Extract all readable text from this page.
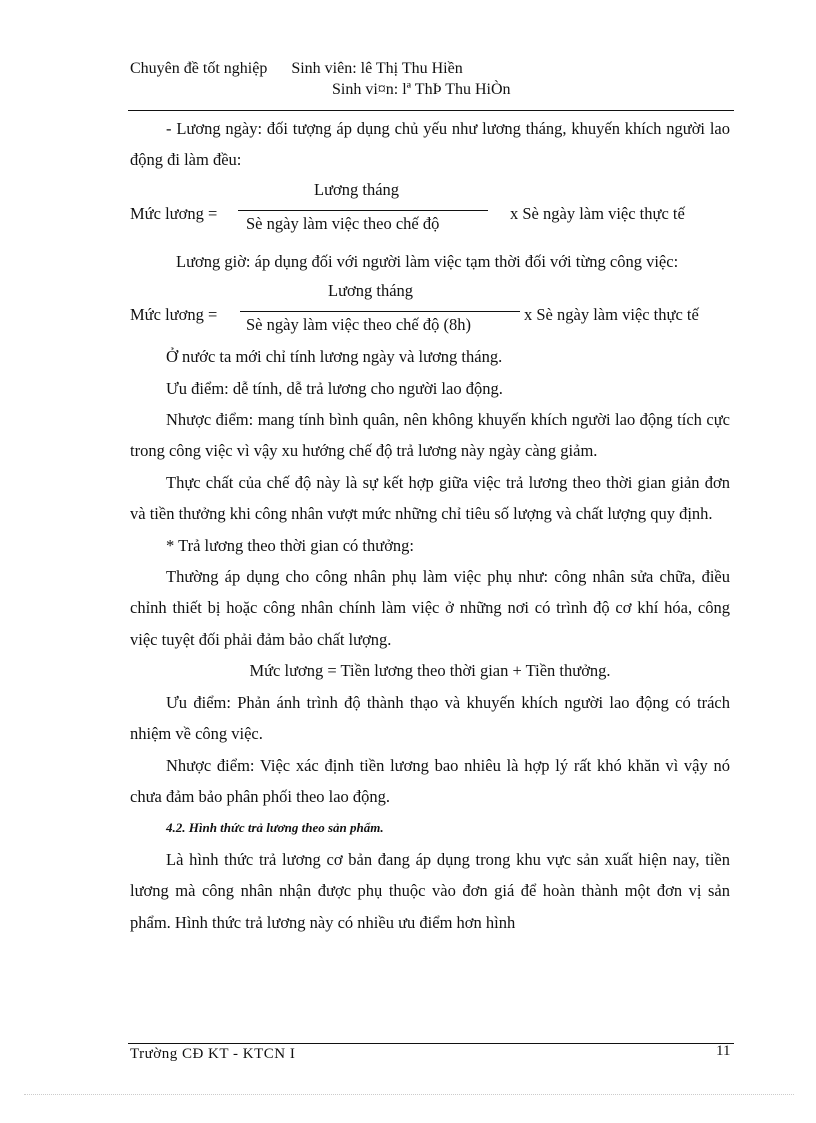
Chuyên đề tốt nghiệp Sinh viên: lê Thị Thu Hiền
Sinh vi¤n: lª ThÞ Thu HiÒn

- Lương ngày: đối tượng áp dụng chủ yếu như lương tháng, khuyến khích người lao động đi làm đều:

Mức lương =
Lương tháng
Sè ngày làm việc theo chế độ
x Sè ngày làm việc thực tế

Lương giờ: áp dụng đối với người làm việc tạm thời đối với từng công việc:

Mức lương =
Lương tháng
Sè ngày làm việc theo chế độ (8h)
x Sè ngày làm việc thực tế

Ở nước ta mới chỉ tính lương ngày và lương tháng.

Ưu điểm: dễ tính, dễ trả lương cho người lao động.

Nhược điểm: mang tính bình quân, nên không khuyến khích người lao động tích cực trong công việc vì vậy xu hướng chế độ trả lương này ngày càng giảm.

Thực chất của chế độ này là sự kết hợp giữa việc trả lương theo thời gian giản đơn và tiền thưởng khi công nhân vượt mức những chỉ tiêu số lượng và chất lượng quy định.

* Trả lương theo thời gian có thưởng:

Thường áp dụng cho công nhân phụ làm việc phụ như: công nhân sửa chữa, điều chỉnh thiết bị hoặc công nhân chính làm việc ở những nơi có trình độ cơ khí hóa, công việc tuyệt đối phải đảm bảo chất lượng.

Mức lương = Tiền lương theo thời gian + Tiền thưởng.

Ưu điểm: Phản ánh trình độ thành thạo và khuyến khích người lao động có trách nhiệm về công việc.

Nhược điểm: Việc xác định tiền lương bao nhiêu là hợp lý rất khó khăn vì vậy nó chưa đảm bảo phân phối theo lao động.

4.2. Hình thức trả lương theo sản phẩm.

Là hình thức trả lương cơ bản đang áp dụng trong khu vực sản xuất hiện nay, tiền lương mà công nhân nhận được phụ thuộc vào đơn giá để hoàn thành một đơn vị sản phẩm. Hình thức trả lương này có nhiều ưu điểm hơn hình

Trường CĐ KT - KTCN I	11
